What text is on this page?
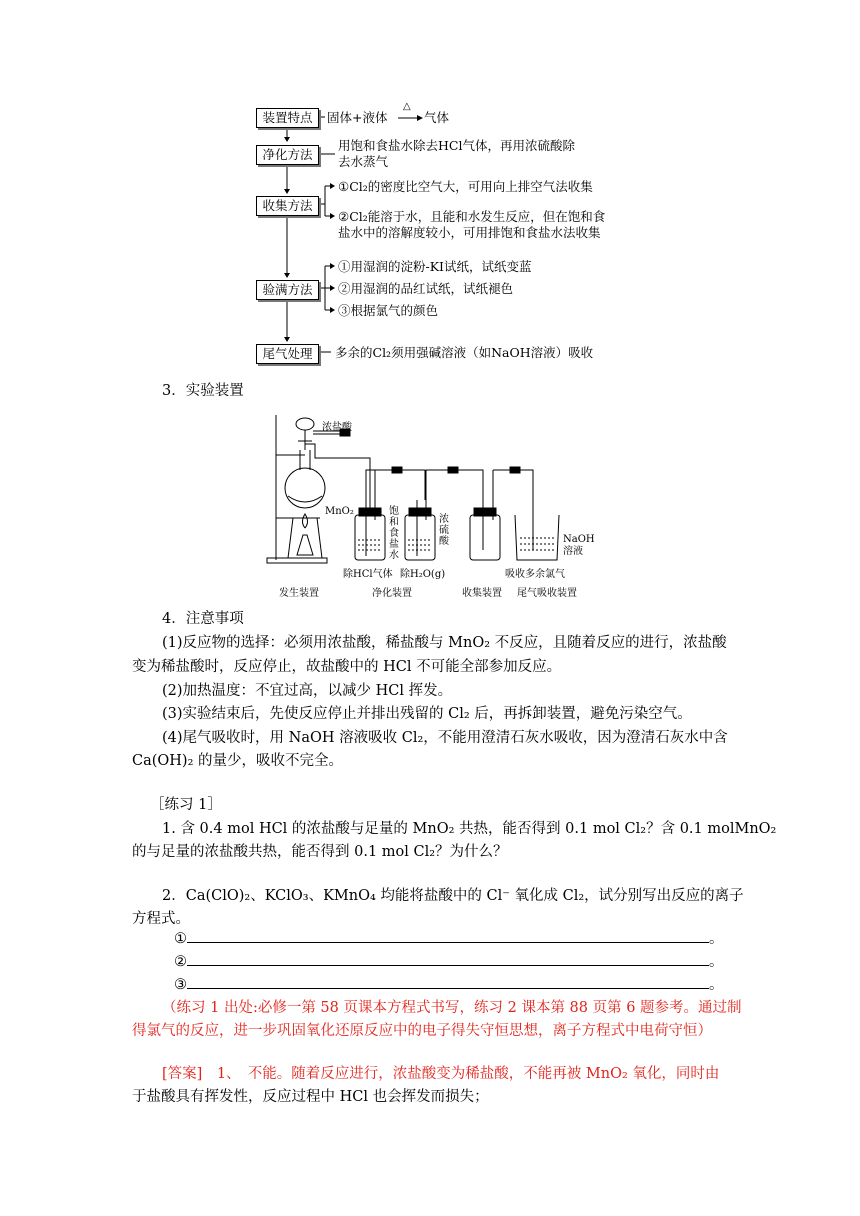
装置特点
净化方法
收集方法
验满方法
尾气处理
固体+液体
△
气体
用饱和食盐水除去HCl气体，再用浓硫酸除
去水蒸气
①Cl₂的密度比空气大，可用向上排空气法收集
②Cl₂能溶于水，且能和水发生反应，但在饱和食
盐水中的溶解度较小，可用排饱和食盐水法收集
①用湿润的淀粉-KI试纸，试纸变蓝
②用湿润的品红试纸，试纸褪色
③根据氯气的颜色
多余的Cl₂须用强碱溶液（如NaOH溶液）吸收
3．实验装置
浓盐酸
MnO₂	饱
和
食
盐
水
浓
硫
酸	NaOH
溶液
除HCl气体 除H₂O(g)	吸收多余氯气
发生装置	净化装置	收集装置 尾气吸收装置
4．注意事项
(1)反应物的选择：必须用浓盐酸，稀盐酸与 MnO₂ 不反应，且随着反应的进行，浓盐酸
变为稀盐酸时，反应停止，故盐酸中的 HCl 不可能全部参加反应。
(2)加热温度：不宜过高，以减少 HCl 挥发。
(3)实验结束后，先使反应停止并排出残留的 Cl₂ 后，再拆卸装置，避免污染空气。
(4)尾气吸收时，用 NaOH 溶液吸收 Cl₂，不能用澄清石灰水吸收，因为澄清石灰水中含
Ca(OH)₂ 的量少，吸收不完全。
［练习 1］
1. 含 0.4 mol HCl 的浓盐酸与足量的 MnO₂ 共热，能否得到 0.1 mol Cl₂？含 0.1 molMnO₂
的与足量的浓盐酸共热，能否得到 0.1 mol Cl₂？为什么？
2．Ca(ClO)₂、KClO₃、KMnO₄ 均能将盐酸中的 Cl⁻ 氧化成 Cl₂，试分别写出反应的离子
方程式。
①	。
②	。
③	。
（练习 1 出处:必修一第 58 页课本方程式书写，练习 2 课本第 88 页第 6 题参考。通过制
得氯气的反应，进一步巩固氧化还原反应中的电子得失守恒思想，离子方程式中电荷守恒）
[答案]　1、　不能。随着反应进行，浓盐酸变为稀盐酸，不能再被 MnO₂ 氧化，同时由
于盐酸具有挥发性，反应过程中 HCl 也会挥发而损失；
